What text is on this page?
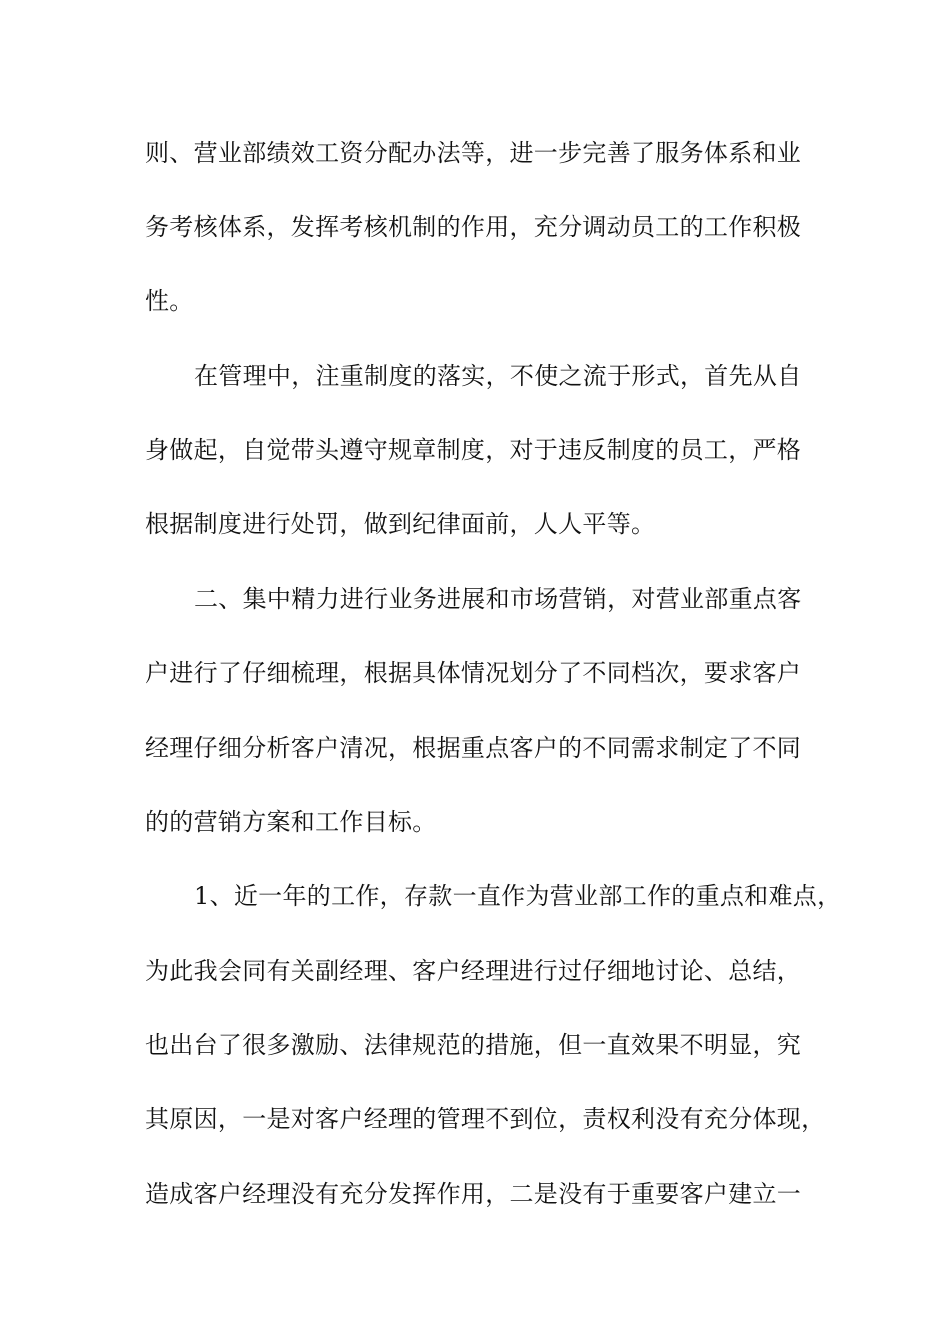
则、营业部绩效工资分配办法等，进一步完善了服务体系和业
务考核体系，发挥考核机制的作用，充分调动员工的工作积极
性。
在管理中，注重制度的落实，不使之流于形式，首先从自
身做起，自觉带头遵守规章制度，对于违反制度的员工，严格
根据制度进行处罚，做到纪律面前，人人平等。
二、集中精力进行业务进展和市场营销，对营业部重点客
户进行了仔细梳理，根据具体情况划分了不同档次，要求客户
经理仔细分析客户清况，根据重点客户的不同需求制定了不同
的的营销方案和工作目标。
1、近一年的工作，存款一直作为营业部工作的重点和难点，
为此我会同有关副经理、客户经理进行过仔细地讨论、总结，
也出台了很多激励、法律规范的措施，但一直效果不明显，究
其原因，一是对客户经理的管理不到位，责权利没有充分体现，
造成客户经理没有充分发挥作用，二是没有于重要客户建立一
